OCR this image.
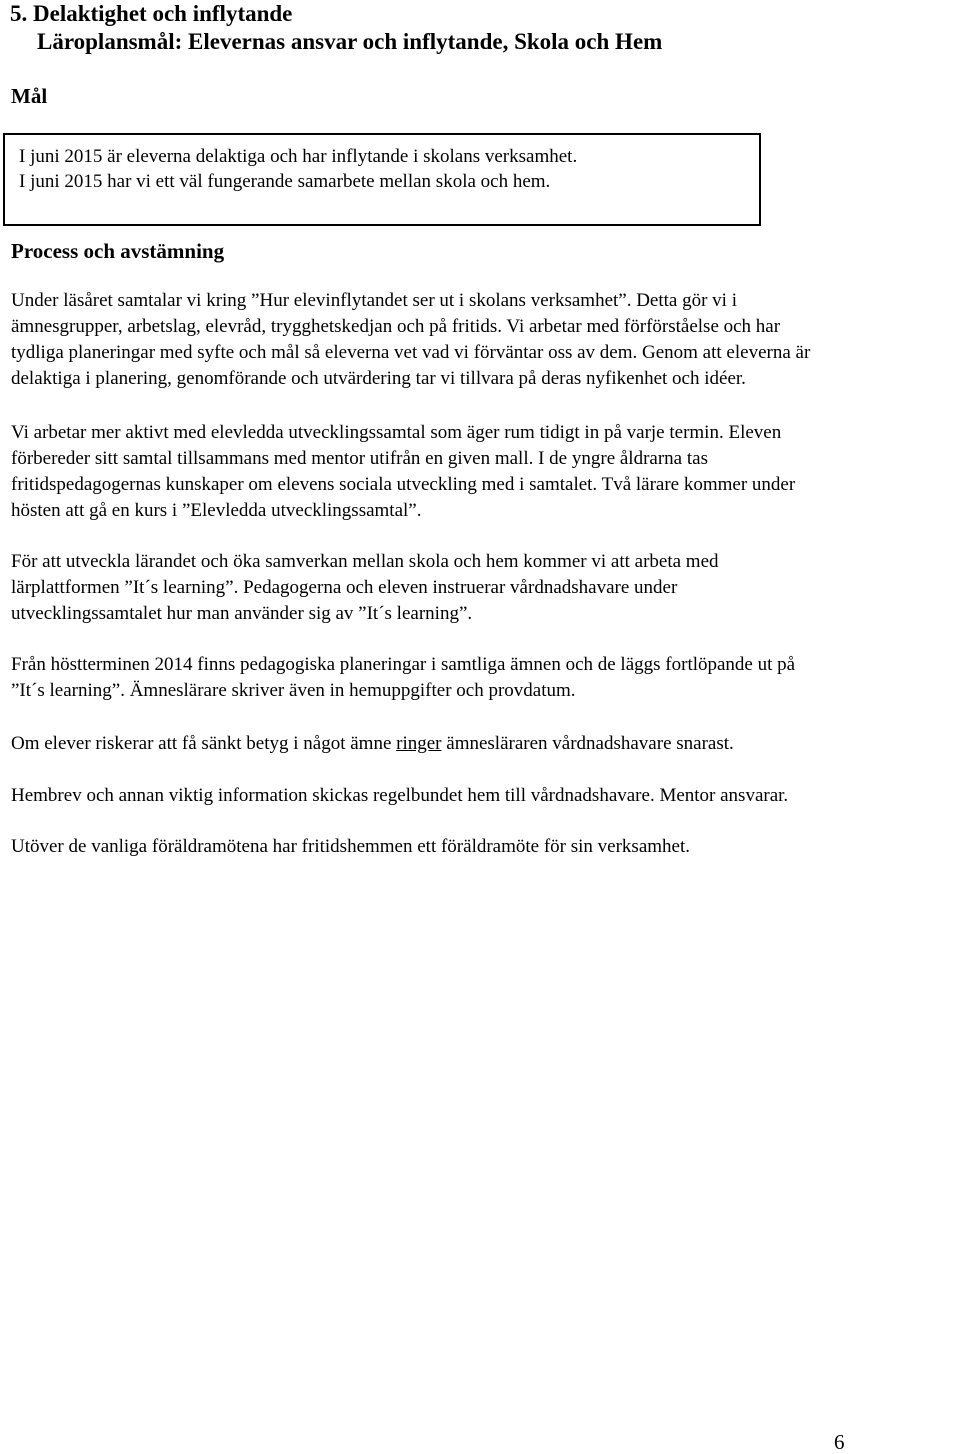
5. Delaktighet och inflytande
Läroplansmål: Elevernas ansvar och inflytande, Skola och Hem
Mål

I juni 2015 är eleverna delaktiga och har inflytande i skolans verksamhet.

I juni 2015 har vi ett väl fungerande samarbete mellan skola och hem.

Process och avstämning

Under läsåret samtalar vi kring ”Hur elevinflytandet ser ut i skolans verksamhet”. Detta gör vi i
ämnesgrupper, arbetslag, elevråd, trygghetskedjan och på fritids. Vi arbetar med förförståelse och har
tydliga planeringar med syfte och mål så eleverna vet vad vi förväntar oss av dem. Genom att eleverna är
delaktiga i planering, genomförande och utvärdering tar vi tillvara på deras nyfikenhet och idéer.

Vi arbetar mer aktivt med elevledda utvecklingssamtal som äger rum tidigt in på varje termin. Eleven
förbereder sitt samtal tillsammans med mentor utifrån en given mall. I de yngre åldrarna tas
fritidspedagogernas kunskaper om elevens sociala utveckling med i samtalet. Två lärare kommer under
hösten att gå en kurs i ”Elevledda utvecklingssamtal”.

För att utveckla lärandet och öka samverkan mellan skola och hem kommer vi att arbeta med
lärplattformen ”It´s learning”. Pedagogerna och eleven instruerar vårdnadshavare under
utvecklingssamtalet hur man använder sig av ”It´s learning”.

Från höstterminen 2014 finns pedagogiska planeringar i samtliga ämnen och de läggs fortlöpande ut på
”It´s learning”. Ämneslärare skriver även in hemuppgifter och provdatum.

Om elever riskerar att få sänkt betyg i något ämne ringer ämnesläraren vårdnadshavare snarast.

Hembrev och annan viktig information skickas regelbundet hem till vårdnadshavare. Mentor ansvarar.

Utöver de vanliga föräldramötena har fritidshemmen ett föräldramöte för sin verksamhet.

6
